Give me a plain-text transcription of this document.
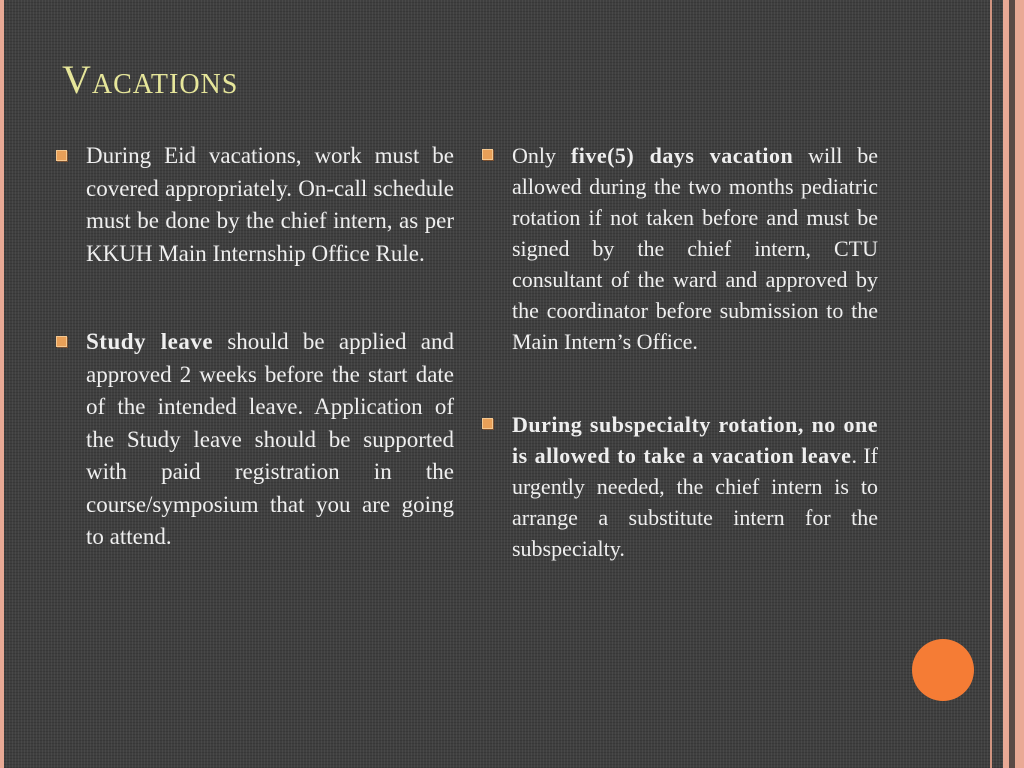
Vacations
During Eid vacations, work must be covered appropriately. On-call schedule must be done by the chief intern, as per KKUH Main Internship Office Rule.
Study leave should be applied and approved 2 weeks before the start date of the intended leave. Application of the Study leave should be supported with paid registration in the course/symposium that you are going to attend.
Only five(5) days vacation will be allowed during the two months pediatric rotation if not taken before and must be signed by the chief intern, CTU consultant of the ward and approved by the coordinator before submission to the Main Intern’s Office.
During subspecialty rotation, no one is allowed to take a vacation leave. If urgently needed, the chief intern is to arrange a substitute intern for the subspecialty.
